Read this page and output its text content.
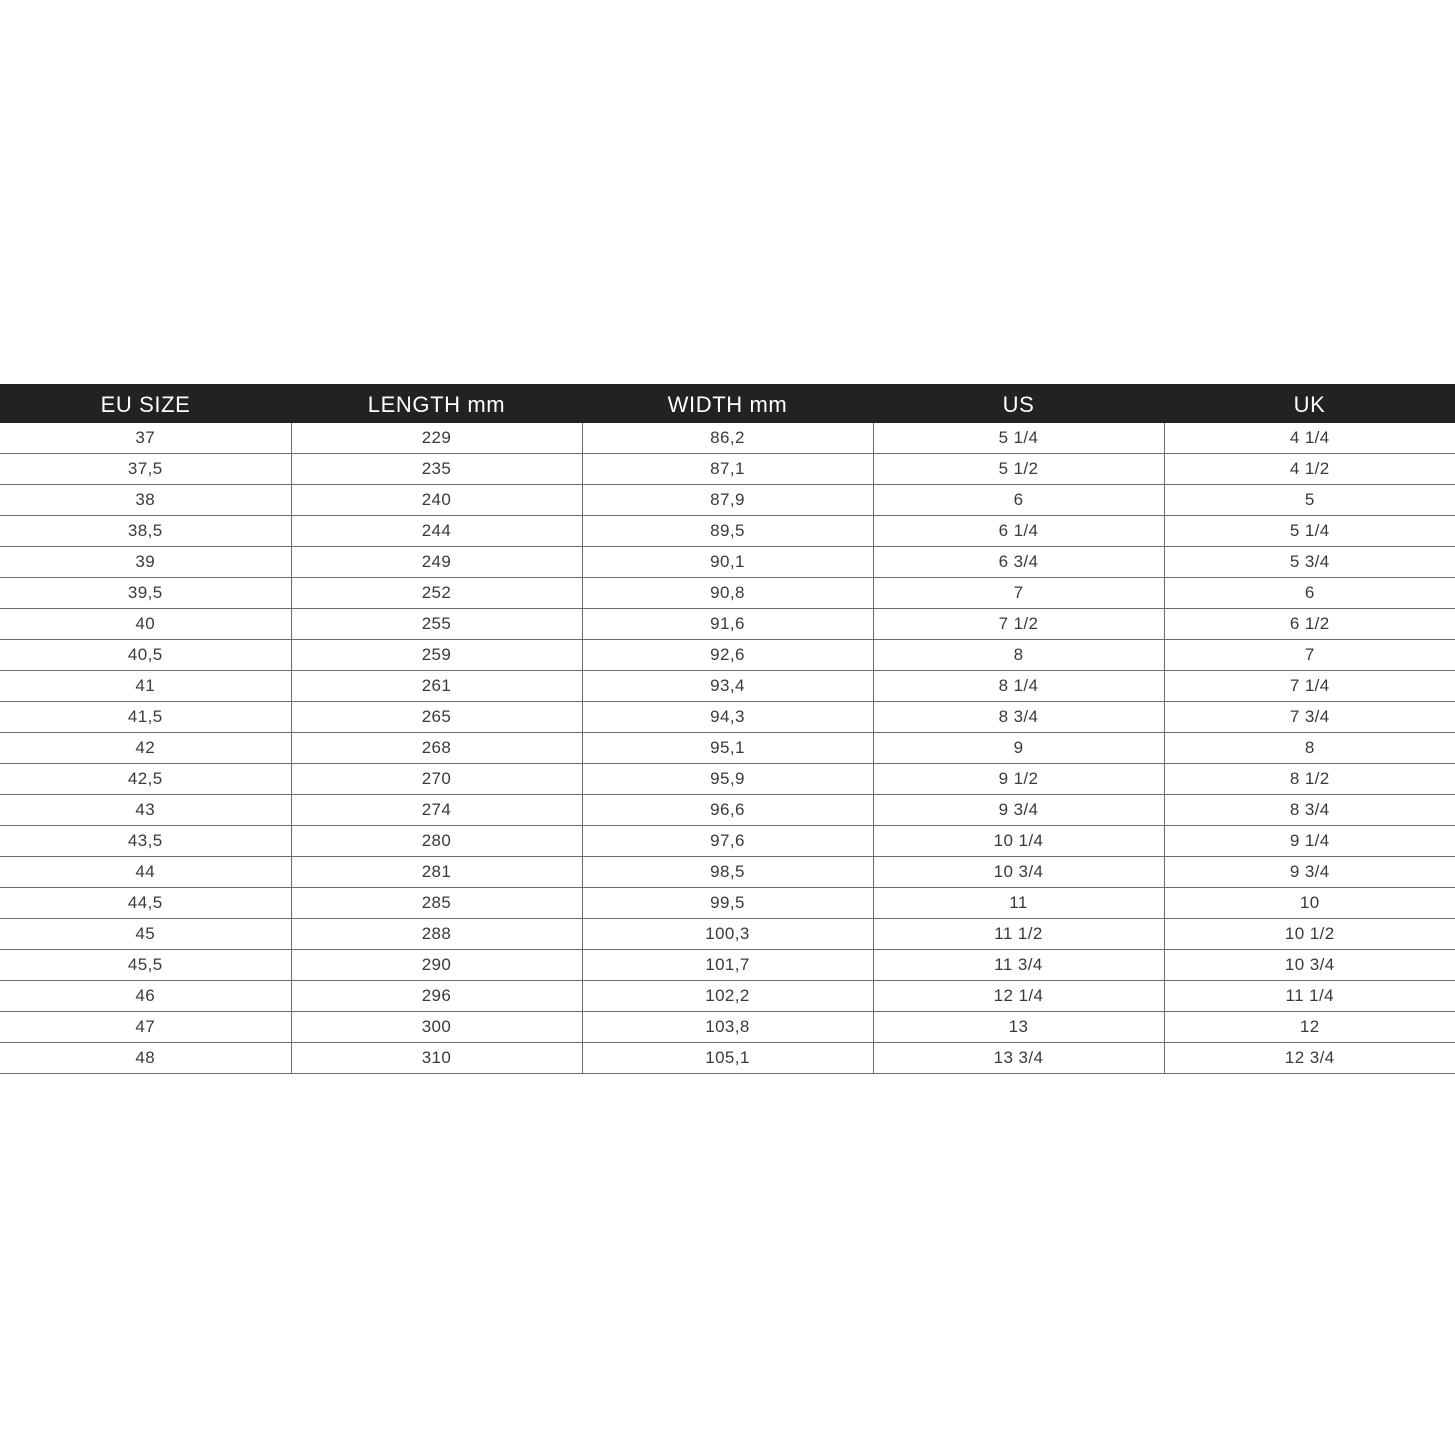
EU SIZE	LENGTH mm	WIDTH mm	US	UK
37	229	86,2	5 1/4	4 1/4
37,5	235	87,1	5 1/2	4 1/2
38	240	87,9	6	5
38,5	244	89,5	6 1/4	5 1/4
39	249	90,1	6 3/4	5 3/4
39,5	252	90,8	7	6
40	255	91,6	7 1/2	6 1/2
40,5	259	92,6	8	7
41	261	93,4	8 1/4	7 1/4
41,5	265	94,3	8 3/4	7 3/4
42	268	95,1	9	8
42,5	270	95,9	9 1/2	8 1/2
43	274	96,6	9 3/4	8 3/4
43,5	280	97,6	10 1/4	9 1/4
44	281	98,5	10 3/4	9 3/4
44,5	285	99,5	11	10
45	288	100,3	11 1/2	10 1/2
45,5	290	101,7	11 3/4	10 3/4
46	296	102,2	12 1/4	11 1/4
47	300	103,8	13	12
48	310	105,1	13 3/4	12 3/4
